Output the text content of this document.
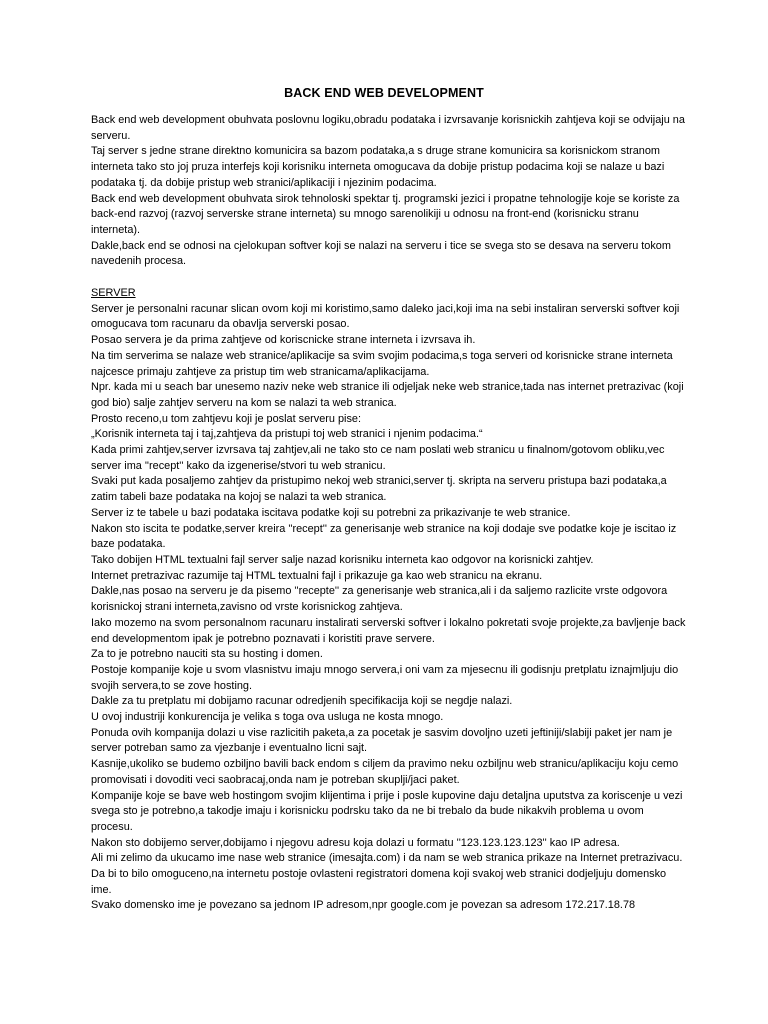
BACK END WEB DEVELOPMENT

Back end web development obuhvata poslovnu logiku,obradu podataka i izvrsavanje korisnickih zahtjeva koji se odvijaju na serveru.

Taj server s jedne strane direktno komunicira sa bazom podataka,a s druge strane komunicira sa korisnickom stranom interneta tako sto joj pruza interfejs koji korisniku interneta omogucava da dobije pristup podacima koji se nalaze u bazi podataka tj. da dobije pristup web stranici/aplikaciji i njezinim podacima.

Back end web development obuhvata sirok tehnoloski spektar tj. programski jezici i propatne tehnologije koje se koriste za back-end razvoj (razvoj serverske strane interneta) su mnogo sarenolikiji u odnosu na front-end (korisnicku stranu interneta).

Dakle,back end se odnosi na cjelokupan softver koji se nalazi na serveru i tice se svega sto se desava na serveru tokom navedenih procesa.

SERVER

Server je personalni racunar slican ovom koji mi koristimo,samo daleko jaci,koji ima na sebi instaliran serverski softver koji omogucava tom racunaru da obavlja serverski posao.

Posao servera je da prima zahtjeve od koriscnicke strane interneta i izvrsava ih.

Na tim serverima se nalaze web stranice/aplikacije sa svim svojim podacima,s toga serveri od korisnicke strane interneta najcesce primaju zahtjeve za pristup tim web stranicama/aplikacijama.

Npr. kada mi u seach bar unesemo naziv neke web stranice ili odjeljak neke web stranice,tada nas internet pretrazivac (koji god bio) salje zahtjev serveru na kom se nalazi ta web stranica.

Prosto receno,u tom zahtjevu koji je poslat serveru pise:

„Korisnik interneta taj i taj,zahtjeva da pristupi toj web stranici i njenim podacima.“

Kada primi zahtjev,server izvrsava taj zahtjev,ali ne tako sto ce nam poslati web stranicu u finalnom/gotovom obliku,vec server ima ''recept'' kako da izgenerise/stvori tu web stranicu.

Svaki put kada posaljemo zahtjev da pristupimo nekoj web stranici,server tj. skripta na serveru pristupa bazi podataka,a zatim tabeli baze podataka na kojoj se nalazi ta web stranica.

Server iz te tabele u bazi podataka iscitava podatke koji su potrebni za prikazivanje te web stranice.

Nakon sto iscita te podatke,server kreira ''recept'' za generisanje web stranice na koji dodaje sve podatke koje je iscitao iz baze podataka.

Tako dobijen HTML textualni fajl server salje nazad korisniku interneta kao odgovor na korisnicki zahtjev.

Internet pretrazivac razumije taj HTML textualni fajl i prikazuje ga kao web stranicu na ekranu.

Dakle,nas posao na serveru je da pisemo ''recepte'' za generisanje web stranica,ali i da saljemo razlicite vrste odgovora korisnickoj strani interneta,zavisno od vrste korisnickog zahtjeva.

Iako mozemo na svom personalnom racunaru instalirati serverski softver i lokalno pokretati svoje projekte,za bavljenje back end developmentom ipak je potrebno poznavati i koristiti prave servere.

Za to je potrebno nauciti sta su hosting i domen.

Postoje kompanije koje u svom vlasnistvu imaju mnogo servera,i oni vam za mjesecnu ili godisnju pretplatu iznajmljuju dio svojih servera,to se zove hosting.

Dakle za tu pretplatu mi dobijamo racunar odredjenih specifikacija koji se negdje nalazi.

U ovoj industriji konkurencija je velika s toga ova usluga ne kosta mnogo.

Ponuda ovih kompanija dolazi u vise razlicitih paketa,a za pocetak je sasvim dovoljno uzeti jeftiniji/slabiji paket jer nam je server potreban samo za vjezbanje i eventualno licni sajt.

Kasnije,ukoliko se budemo ozbiljno bavili back endom s ciljem da pravimo neku ozbiljnu web stranicu/aplikaciju koju cemo promovisati i dovoditi veci saobracaj,onda nam je potreban skuplji/jaci paket.

Kompanije koje se bave web hostingom svojim klijentima i prije i posle kupovine daju detaljna uputstva za koriscenje u vezi svega sto je potrebno,a takodje imaju i korisnicku podrsku tako da ne bi trebalo da bude nikakvih problema u ovom procesu.

Nakon sto dobijemo server,dobijamo i njegovu adresu koja dolazi u formatu ''123.123.123.123'' kao IP adresa.

Ali mi zelimo da ukucamo ime nase web stranice (imesajta.com) i da nam se web stranica prikaze na Internet pretrazivacu.

Da bi to bilo omoguceno,na internetu postoje ovlasteni registratori domena koji svakoj web stranici dodjeljuju domensko ime.

Svako domensko ime je povezano sa jednom IP adresom,npr google.com je povezan sa adresom 172.217.18.78
